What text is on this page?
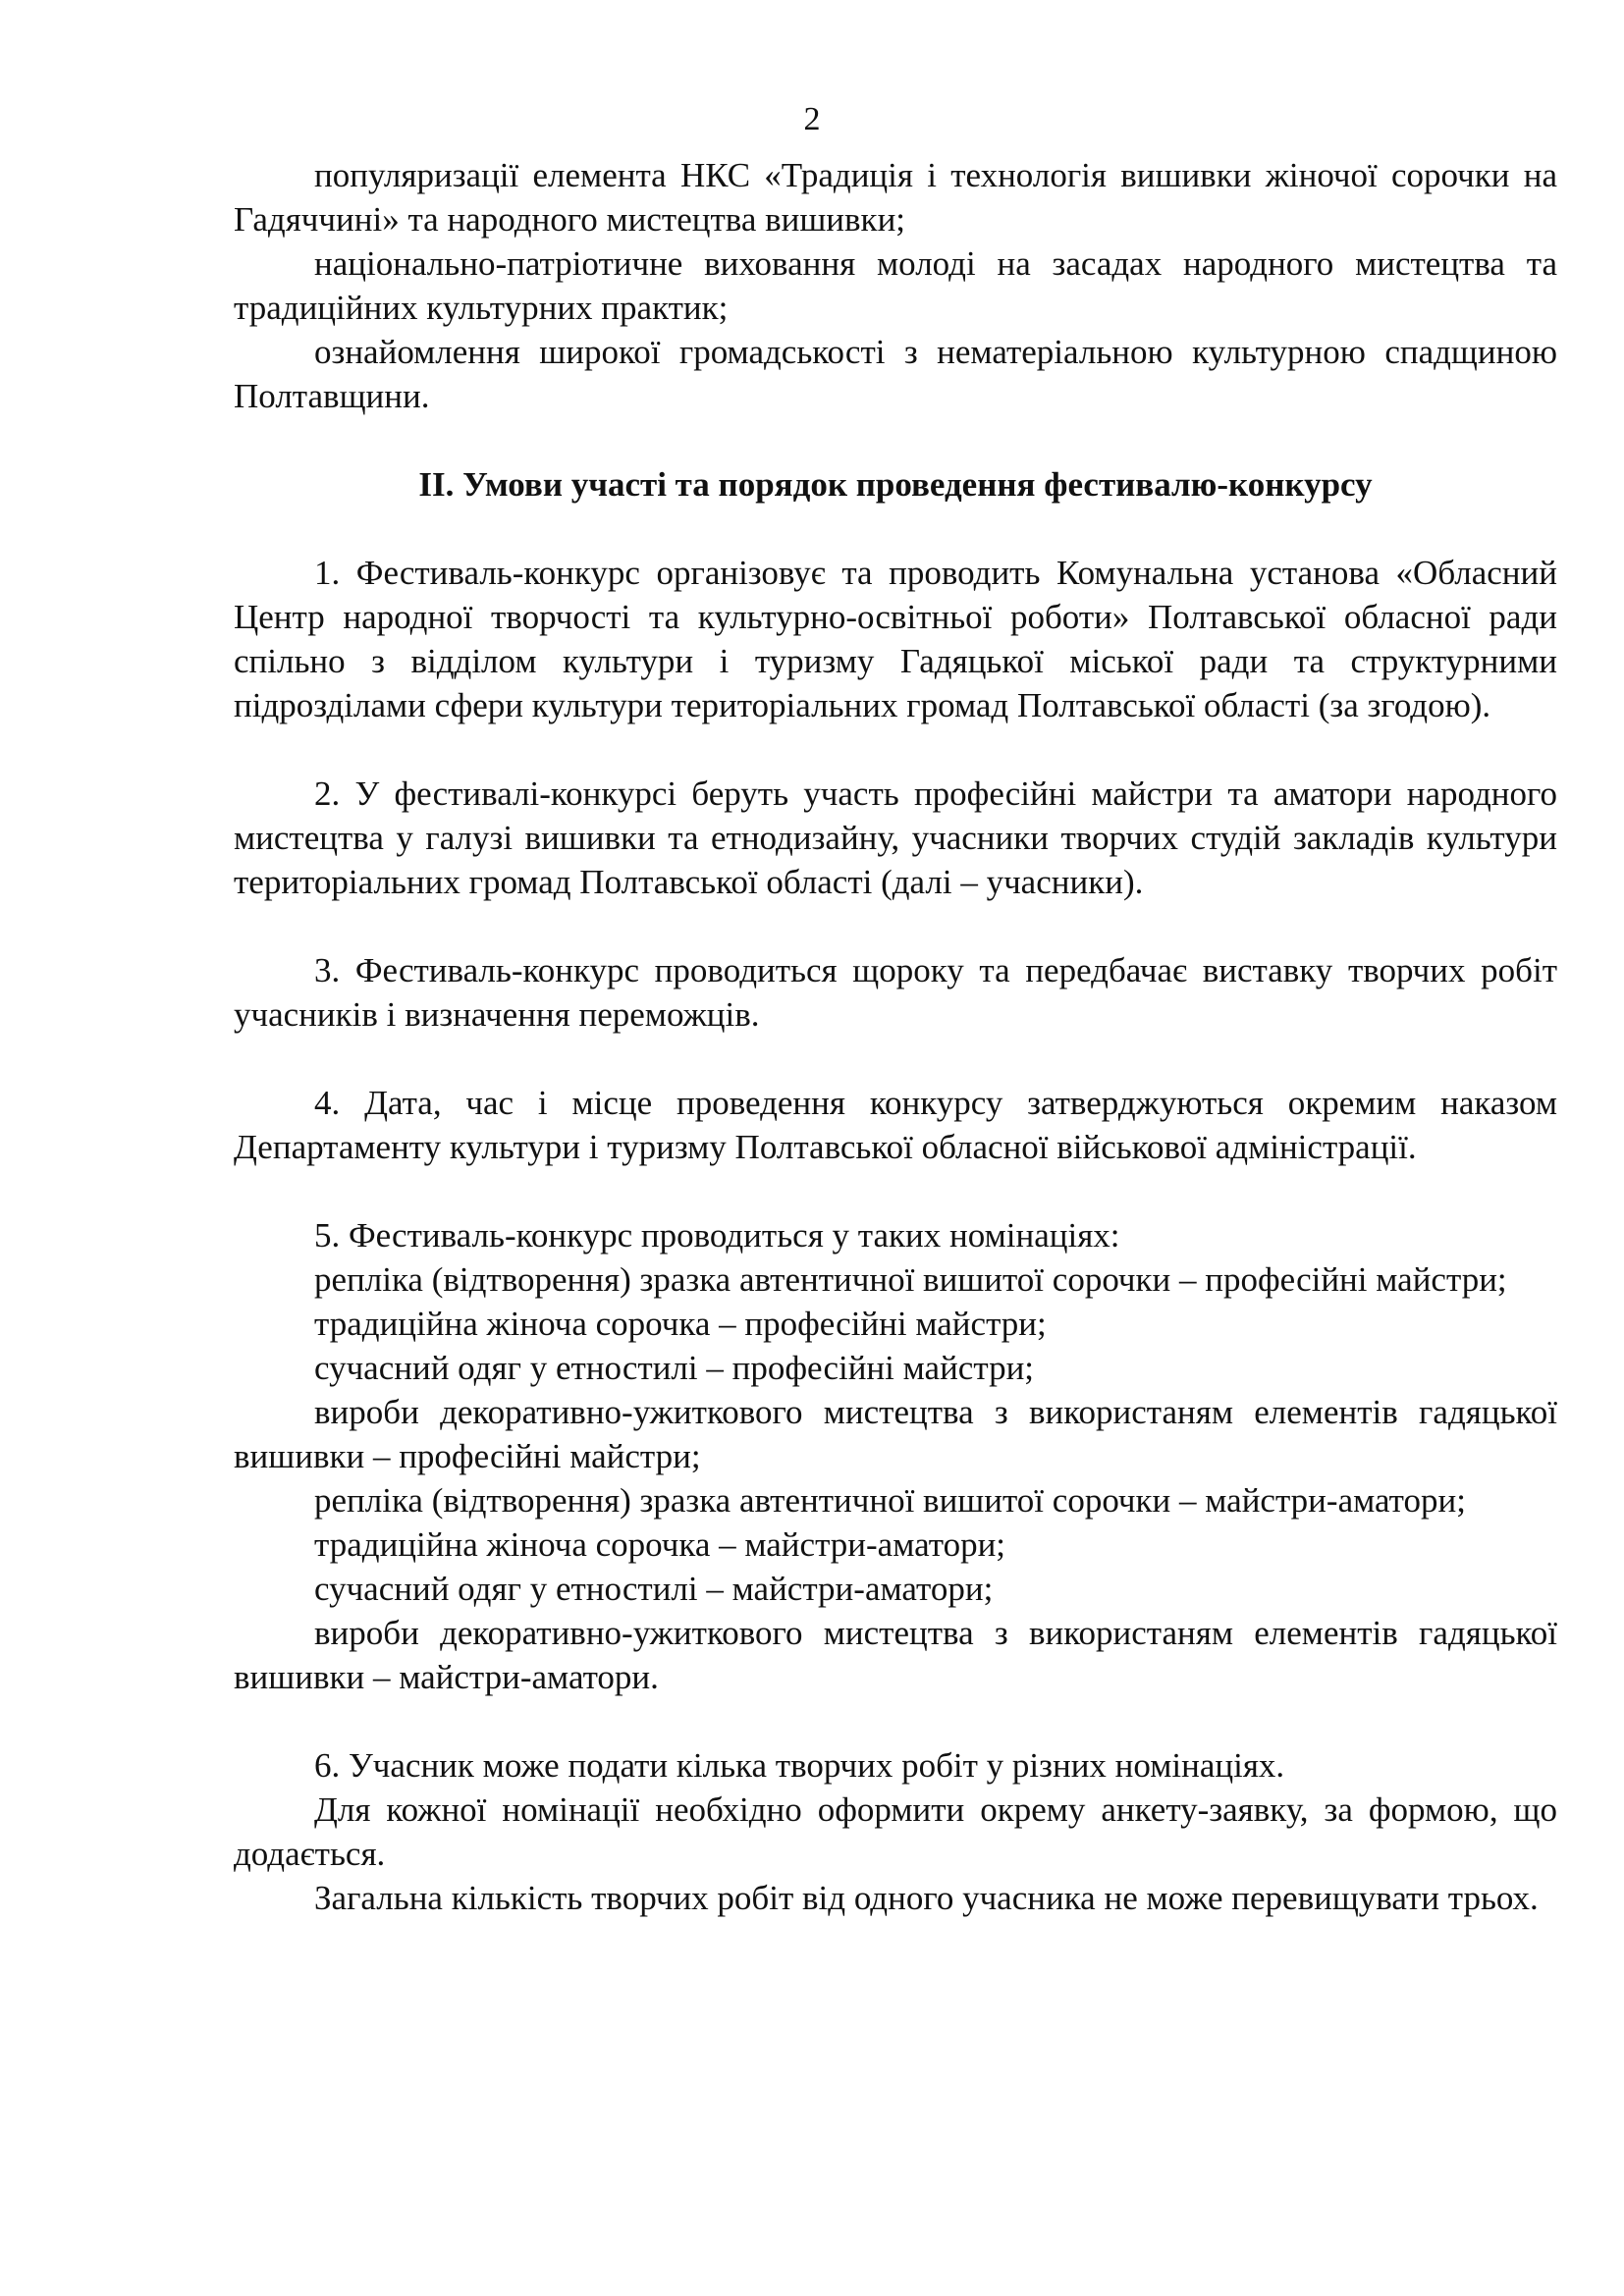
2

популяризації елемента НКС «Традиція і технологія вишивки жіночої сорочки на Гадяччині» та народного мистецтва вишивки;

національно-патріотичне виховання молоді на засадах народного мистецтва та традиційних культурних практик;

ознайомлення широкої громадськості з нематеріальною культурною спадщиною Полтавщини.

ІІ. Умови участі та порядок проведення фестивалю-конкурсу

1. Фестиваль-конкурс організовує та проводить Комунальна установа «Обласний Центр народної творчості та культурно-освітньої роботи» Полтавської обласної ради спільно з відділом культури і туризму Гадяцької міської ради та структурними підрозділами сфери культури територіальних громад Полтавської області (за згодою).

2. У фестивалі-конкурсі беруть участь професійні майстри та аматори народного мистецтва у галузі вишивки та етнодизайну, учасники творчих студій закладів культури територіальних громад Полтавської області (далі – учасники).

3. Фестиваль-конкурс проводиться щороку та передбачає виставку творчих робіт учасників і визначення переможців.

4. Дата, час і місце проведення конкурсу затверджуються окремим наказом Департаменту культури і туризму Полтавської обласної військової адміністрації.

5. Фестиваль-конкурс проводиться у таких номінаціях:

репліка (відтворення) зразка автентичної вишитої сорочки – професійні майстри;

традиційна жіноча сорочка – професійні майстри;

сучасний одяг у етностилі – професійні майстри;

вироби декоративно-ужиткового мистецтва з використаням елементів гадяцької вишивки – професійні майстри;

репліка (відтворення) зразка автентичної вишитої сорочки – майстри-аматори;

традиційна жіноча сорочка – майстри-аматори;

сучасний одяг у етностилі – майстри-аматори;

вироби декоративно-ужиткового мистецтва з використаням елементів гадяцької вишивки – майстри-аматори.

6. Учасник може подати кілька творчих робіт у різних номінаціях.

Для кожної номінації необхідно оформити окрему анкету-заявку, за формою, що додається.

Загальна кількість творчих робіт від одного учасника не може перевищувати трьох.
